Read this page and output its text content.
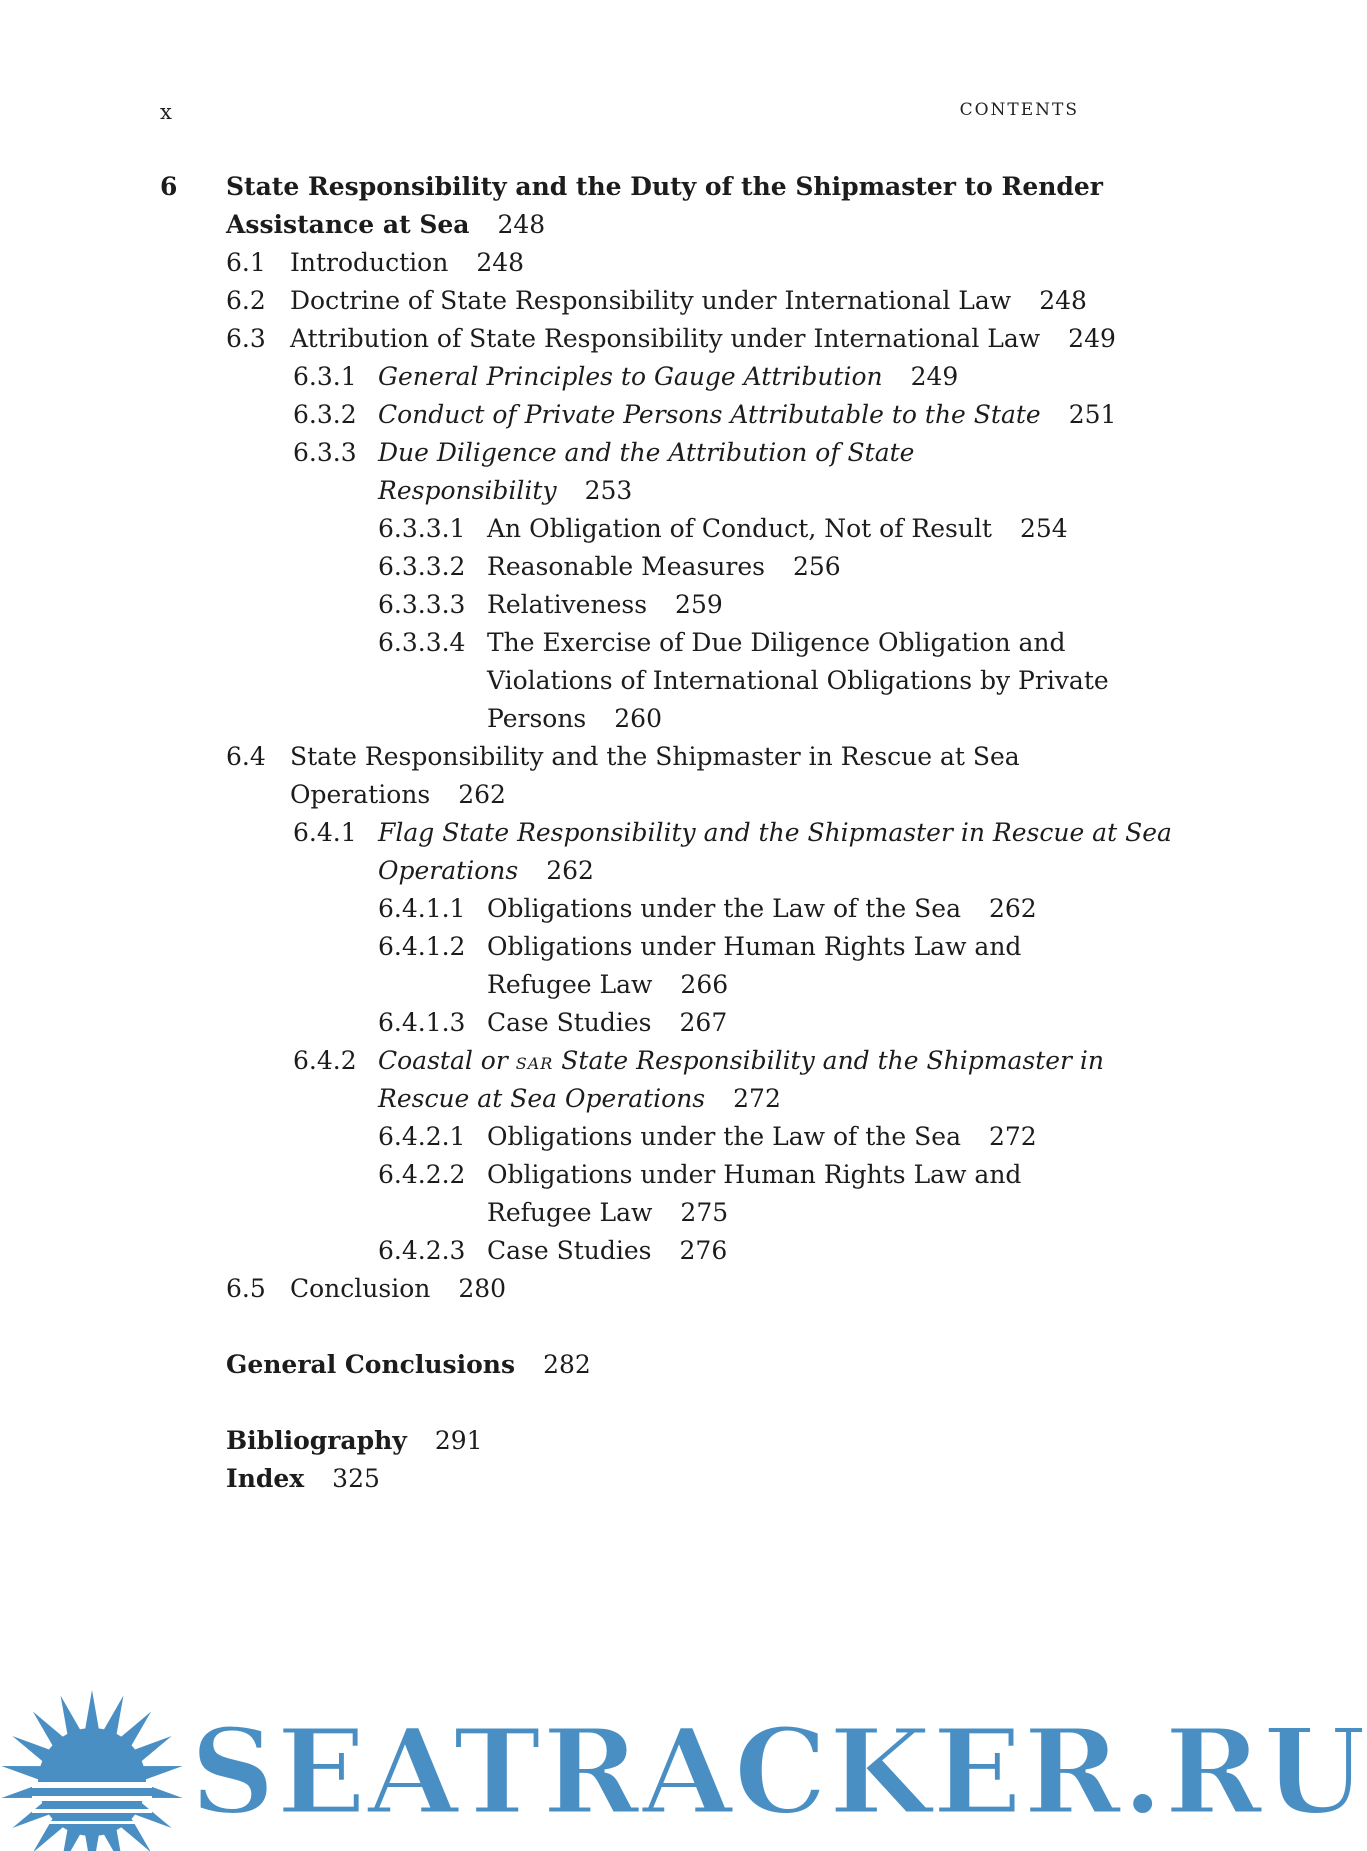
x	CONTENTS
6 State Responsibility and the Duty of the Shipmaster to Render
Assistance at Sea 248
6.1 Introduction 248
6.2 Doctrine of State Responsibility under International Law 248
6.3 Attribution of State Responsibility under International Law 249
6.3.1 General Principles to Gauge Attribution 249
6.3.2 Conduct of Private Persons Attributable to the State 251
6.3.3 Due Diligence and the Attribution of State
Responsibility 253
6.3.3.1 An Obligation of Conduct, Not of Result 254
6.3.3.2 Reasonable Measures 256
6.3.3.3 Relativeness 259
6.3.3.4 The Exercise of Due Diligence Obligation and
Violations of International Obligations by Private
Persons 260
6.4 State Responsibility and the Shipmaster in Rescue at Sea
Operations 262
6.4.1 Flag State Responsibility and the Shipmaster in Rescue at Sea
Operations 262
6.4.1.1 Obligations under the Law of the Sea 262
6.4.1.2 Obligations under Human Rights Law and
Refugee Law 266
6.4.1.3 Case Studies 267
6.4.2 Coastal or sar State Responsibility and the Shipmaster in
Rescue at Sea Operations 272
6.4.2.1 Obligations under the Law of the Sea 272
6.4.2.2 Obligations under Human Rights Law and
Refugee Law 275
6.4.2.3 Case Studies 276
6.5 Conclusion 280
General Conclusions 282
Bibliography 291
Index 325
SEATRACKER.RU
